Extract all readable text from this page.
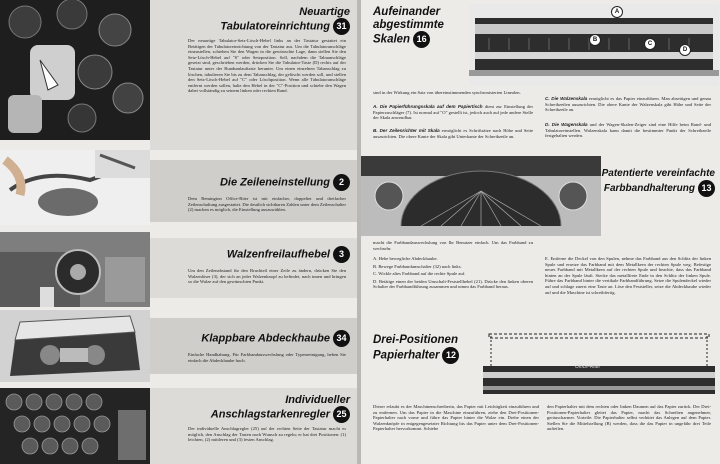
Neuartige
Tabulatoreinrichtung 31
Der neuartige Tabulator-Setz-Lösch-Hebel links an der Tastatur gestattet ein Betätigen der Tabulatoreinrichtung von der Tastatur aus. Um die Tabulatoranschläge einzustellen, schieben Sie den Wagen in die gewünschte Lage, dann stellen Sie den Setz-Lösch-Hebel auf "S" oder Setzposition. Soll, nachdem die Tabuanschläge gesetzt sind, geschrieben werden, drücken Sie die Tabulator-Taste (D) rechts auf der Tastatur unter der Rundumlauftaste herunter. Um einen einzelnen Tabanschlag zu löschen, tabulieren Sie bis zu dem Tabanschlag, der gelöscht werden soll, und stellen den Setz-Lösch-Hebel auf "C" oder Löschposition. Wenn alle Tabulatoranschläge entfernt werden sollen, halte den Hebel in der "C"-Position und schiebe den Wagen dabei vollständig zu seinem linken oder rechten Rand.
Die Zeileneinstellung 2
Dem Remington Office-Riter ist mit einfacher, doppelter und dreifacher Zeilenschaltung ausgestattet. Die deutlich sichtbaren Zahlen unter dem Zeilenschalter (2) machen es möglich, die Einstellung auszuwählen.
Walzenfreilaufhebel 3
Um den Zeilenabstand für den Bruchteil einer Zeile zu ändern, drücken Sie den Walzenlöser (3), der sich an jeder Walzenknopf zu befindet, nach innen und bringen so die Walze auf den gewünschten Punkt.
Klappbare Abdeckhaube 34
Einfache Handhabung. Für Farbbandauswechslung oder Typenreinigung, heben Sie einfach die Abdeckhaube hoch.
Individueller
Anschlagstarkenregler 25
Der individuelle Anschlagregler (25) auf der rechten Seite der Tastatur macht es möglich, den Anschlag der Tasten nach Wunsch zu regeln; er hat drei Positionen: (1) leichten, (2) mittleren und (3) festen Anschlag.
Aufeinander
abgestimmte
Skalen 16
A
B
C
D
sind in der Wirkung ein Satz von übereinstimmenden synchronisierten Linealen.
A. Die Papierführungsskala auf dem Papiertisch dient zur Einstellung der Papierzuschläger (7). Ist normal auf "O" gestellt ist, jedoch auch auf jede andere Stelle der Skala anwendbar.
B. Der Zeilenrichter mit Skala ermöglicht es Schriftsätze nach Höhe und Seite auszurichten. Die obere Kante der Skala gibt Unterkante der Schreibzeile an.
C. Die Walzenskala ermöglicht es das Papier einzuführen. Man abseitigen und genau Schreibzeilen auszurichten. Die obere Kante der Walzenskala gibt Höhe und Seite der Schreibzeile an.
D. Die Wagenskala und der Wagen-Skalen-Zeiger sind eine Hilfe beim Rand- und Tabulatoreinstellen. Walzenskala kann damit die bestimmter Punkt der Schreibzeile festgehalten werden.
Patentierte vereinfachte
Farbbandhalterung 13
macht die Farbbandauswechslung von Ihr Benutzer einfach. Um das Farbband zu wechseln:
A. Hebe bewegliche Abdeckhaube.
B. Bewege Farbbandumschalter (32) nach links.
C. Wickle altes Farbband auf die rechte Spule auf.
D. Betätige einen der beiden Umschalt-Feststellhebel (21). Drücke den linken oberen Schalter der Farbbandführung zusammen und nimm das Farbband heraus.
E. Entferne die Deckel von den Spulen, nehme das Farbband aus den Schlitz der linken Spule und ersetze das Farbband mit dem Metallkern der rechten Spule weg. Befestige neues Farbband mit Metallkern auf der rechten Spule und beachte, dass das Farbband hinten an der Spule läuft. Stecke das metallfreie Ende in den Schlitz der linken Spule. Führe das Farbband hinter die vertikale Farbbandführung. Setze die Spulendeckel wieder auf und schlage zuerst eine Taste an. Löse den Feststeller, setze die Abdeckhaube wieder auf und die Maschine ist schreibfertig.
Drei-Positionen
Papierhalter 12
Office-Riter
Dieser erlaubt es der Maschinenschreiberin, das Papier mit Leichtigkeit einzuführen und zu entfernen. Um das Papier in die Maschine einzuführen, ziehe den Drei-Positionen-Papierhalter nach vorne und führe das Papier hinter die Walze ein. Drehe einen der Walzenknöpfe in entgegengesetzter Richtung bis das Papier unter dem Drei-Positionen-Papierhalter hervorkommt. Schiebe
den Papierhalter mit dem rechten oder linken Daumen auf das Papier zurück. Der Drei-Positionen-Papierhalter gleitet das Papier, macht das Schreiben angenehmer, geräuscharmer. Vorteile: Die Papierhalter selbst verhütet das Anlegen auf dem Papier. Stellen Sie die Mittelstellung (B) werden, dass die das Papier in ungefähr drei Teile aufteilen.
